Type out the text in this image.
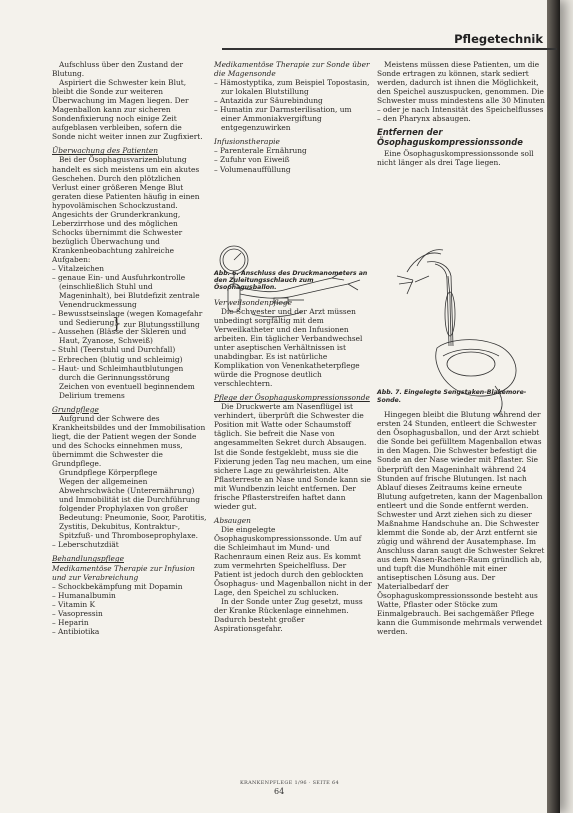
Pflegetechnik

Aufschluss über den Zustand der Blutung.

Aspiriert die Schwester kein Blut, bleibt die Sonde zur weiteren Überwachung im Magen liegen. Der Magenballon kann zur sicheren Sondenfixierung noch einige Zeit aufgeblasen verbleiben, sofern die Sonde nicht weiter innen zur Zugfixiert.

Überwachung des Patienten

Bei der Ösophagusvarizenblutung handelt es sich meistens um ein akutes Geschehen. Durch den plötzlichen Verlust einer größeren Menge Blut geraten diese Patienten häufig in einen hypovolämischen Schockzustand. Angesichts der Grunderkrankung, Leberzirrhose und des möglichen Schocks übernimmt die Schwester bezüglich Überwachung und Krankenbeobachtung zahlreiche Aufgaben:

– Vitalzeichen

– genaue Ein- und Ausfuhrkontrolle (einschließlich Stuhl und Mageninhalt), bei Blutdefizit zentrale Venendruckmessung

– Bewusstseinslage (wegen Komagefahr und Sedierung)

– Aussehen (Blässe der Skleren und Haut, Zyanose, Schweiß)

– Stuhl (Teerstuhl und Durchfall)

– Erbrechen (blutig und schleimig)

– Haut- und Schleimhautblutungen durch die Gerinnungsstörung

Zeichen von eventuell beginnendem Delirium tremens

Grundpflege

Aufgrund der Schwere des Krankheitsbildes und der Immobilisation liegt, die der Patient wegen der Sonde und des Schocks einnehmen muss, übernimmt die Schwester die Grundpflege.

Grundpflege Körperpflege

Wegen der allgemeinen Abwehrschwäche (Unterernährung) und Immobilität ist die Durchführung folgender Prophylaxen von großer Bedeutung: Pneumonie, Soor, Parotitis, Zystitis, Dekubitus, Kontraktur-, Spitzfuß- und Thromboseprophylaxe.

– Leberschutzdiät

Behandlungspflege

Medikamentöse Therapie zur Infusion und zur Verabreichung

– Schockbekämpfung mit Dopamin

– Humanalbumin

– Vitamin K

– Vasopressin

– Heparin

– Antibiotika

} zur Blutungsstillung

Medikamentöse Therapie zur Sonde über die Magensonde

– Hämostyptika, zum Beispiel Topostasin, zur lokalen Blutstillung

– Antazida zur Säurebindung

– Humatin zur Darmsterilisation, um einer Ammoniakvergiftung entgegenzuwirken

Infusionstherapie

– Parenterale Ernährung

– Zufuhr von Eiweiß

– Volumenauffüllung

Abb. 6. Anschluss des Druckmanometers an den Zuleitungsschlauch zum Ösophagusballon.

Verweilsondenpflege

Die Schwester und der Arzt müssen unbedingt sorgfältig mit dem Verweilkatheter und den Infusionen arbeiten. Ein täglicher Verbandwechsel unter aseptischen Verhältnissen ist unabdingbar. Es ist natürliche Komplikation von Venenkatheterpflege würde die Prognose deutlich verschlechtern.

Pflege der Ösophaguskompressionssonde

Die Druckwerte am Nasenflügel ist verhindert, überprüft die Schwester die Position mit Watte oder Schaumstoff täglich. Sie befreit die Nase von angesammelten Sekret durch Absaugen. Ist die Sonde festgeklebt, muss sie die Fixierung jeden Tag neu machen, um eine sichere Lage zu gewährleisten. Alte Pflasterreste an Nase und Sonde kann sie mit Wundbenzin leicht entfernen. Der frische Pflasterstreifen haftet dann wieder gut.

Absaugen

Die eingelegte Ösophaguskompressionssonde. Um auf die Schleimhaut im Mund- und Rachenraum einen Reiz aus. Es kommt zum vermehrten Speichelfluss. Der Patient ist jedoch durch den geblockten Ösophagus- und Magenballon nicht in der Lage, den Speichel zu schlucken.

In der Sonde unter Zug gesetzt, muss der Kranke Rückenlage einnehmen. Dadurch besteht großer Aspirationsgefahr.

Meistens müssen diese Patienten, um die Sonde ertragen zu können, stark sediert werden, dadurch ist ihnen die Möglichkeit, den Speichel auszuspucken, genommen. Die Schwester muss mindestens alle 30 Minuten – oder je nach Intensität des Speichelflusses – den Pharynx absaugen.

Entfernen der Ösophaguskompressionssonde

Eine Ösophaguskompressionssonde soll nicht länger als drei Tage liegen.

Abb. 7. Eingelegte Sengstaken-Blakemore-Sonde.

Hingegen bleibt die Blutung während der ersten 24 Stunden, entleert die Schwester den Ösophagusballon, und der Arzt schiebt die Sonde bei gefülltem Magenballon etwas in den Magen. Die Schwester befestigt die Sonde an der Nase wieder mit Pflaster. Sie überprüft den Mageninhalt während 24 Stunden auf frische Blutungen. Ist nach Ablauf dieses Zeitraums keine erneute Blutung aufgetreten, kann der Magenballon entleert und die Sonde entfernt werden. Schwester und Arzt ziehen sich zu dieser Maßnahme Handschuhe an. Die Schwester klemmt die Sonde ab, der Arzt entfernt sie zügig und während der Ausatemphase. Im Anschluss daran saugt die Schwester Sekret aus dem Nasen-Rachen-Raum gründlich ab, und tupft die Mundhöhle mit einer antiseptischen Lösung aus. Der Materialbedarf der Ösophaguskompressionssonde besteht aus Watte, Pflaster oder Stöcke zum Einmalgebrauch. Bei sachgemäßer Pflege kann die Gummisonde mehrmals verwendet werden.

KRANKENPFLEGE 1/96 · SEITE 64
64
